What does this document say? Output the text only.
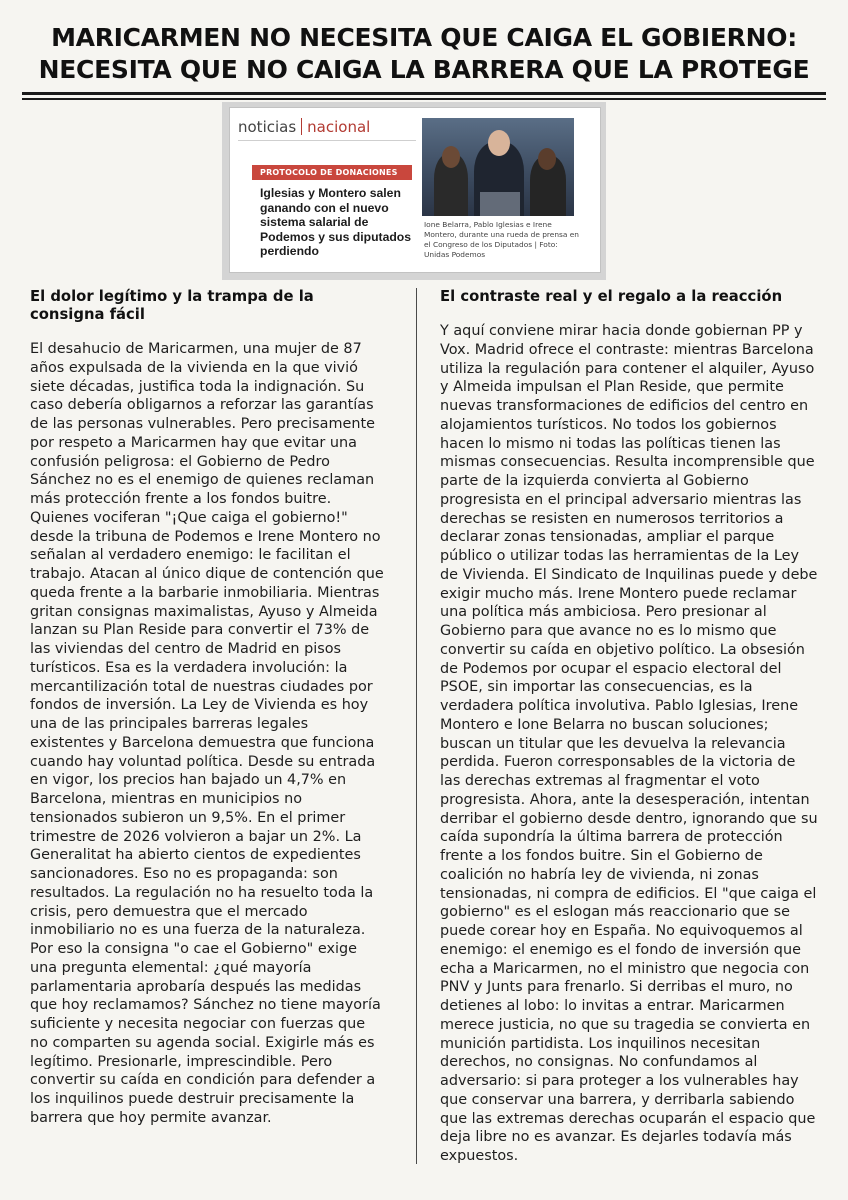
MARICARMEN NO NECESITA QUE CAIGA EL GOBIERNO:
NECESITA QUE NO CAIGA LA BARRERA QUE LA PROTEGE
noticias nacional
PROTOCOLO DE DONACIONES
Iglesias y Montero salen ganando con el nuevo sistema salarial de Podemos y sus diputados perdiendo
Ione Belarra, Pablo Iglesias e Irene Montero, durante una rueda de prensa en el Congreso de los Diputados | Foto: Unidas Podemos
El dolor legítimo y la trampa de la consigna fácil

El desahucio de Maricarmen, una mujer de 87 años expulsada de la vivienda en la que vivió siete décadas, justifica toda la indignación. Su caso debería obligarnos a reforzar las garantías de las personas vulnerables. Pero precisamente por respeto a Maricarmen hay que evitar una confusión peligrosa: el Gobierno de Pedro Sánchez no es el enemigo de quienes reclaman más protección frente a los fondos buitre. Quienes vociferan "¡Que caiga el gobierno!" desde la tribuna de Podemos e Irene Montero no señalan al verdadero enemigo: le facilitan el trabajo. Atacan al único dique de contención que queda frente a la barbarie inmobiliaria. Mientras gritan consignas maximalistas, Ayuso y Almeida lanzan su Plan Reside para convertir el 73% de las viviendas del centro de Madrid en pisos turísticos. Esa es la verdadera involución: la mercantilización total de nuestras ciudades por fondos de inversión. La Ley de Vivienda es hoy una de las principales barreras legales existentes y Barcelona demuestra que funciona cuando hay voluntad política. Desde su entrada en vigor, los precios han bajado un 4,7% en Barcelona, mientras en municipios no tensionados subieron un 9,5%. En el primer trimestre de 2026 volvieron a bajar un 2%. La Generalitat ha abierto cientos de expedientes sancionadores. Eso no es propaganda: son resultados. La regulación no ha resuelto toda la crisis, pero demuestra que el mercado inmobiliario no es una fuerza de la naturaleza. Por eso la consigna "o cae el Gobierno" exige una pregunta elemental: ¿qué mayoría parlamentaria aprobaría después las medidas que hoy reclamamos? Sánchez no tiene mayoría suficiente y necesita negociar con fuerzas que no comparten su agenda social. Exigirle más es legítimo. Presionarle, imprescindible. Pero convertir su caída en condición para defender a los inquilinos puede destruir precisamente la barrera que hoy permite avanzar.

El contraste real y el regalo a la reacción

Y aquí conviene mirar hacia donde gobiernan PP y Vox. Madrid ofrece el contraste: mientras Barcelona utiliza la regulación para contener el alquiler, Ayuso y Almeida impulsan el Plan Reside, que permite nuevas transformaciones de edificios del centro en alojamientos turísticos. No todos los gobiernos hacen lo mismo ni todas las políticas tienen las mismas consecuencias. Resulta incomprensible que parte de la izquierda convierta al Gobierno progresista en el principal adversario mientras las derechas se resisten en numerosos territorios a declarar zonas tensionadas, ampliar el parque público o utilizar todas las herramientas de la Ley de Vivienda. El Sindicato de Inquilinas puede y debe exigir mucho más. Irene Montero puede reclamar una política más ambiciosa. Pero presionar al Gobierno para que avance no es lo mismo que convertir su caída en objetivo político. La obsesión de Podemos por ocupar el espacio electoral del PSOE, sin importar las consecuencias, es la verdadera política involutiva. Pablo Iglesias, Irene Montero e Ione Belarra no buscan soluciones; buscan un titular que les devuelva la relevancia perdida. Fueron corresponsables de la victoria de las derechas extremas al fragmentar el voto progresista. Ahora, ante la desesperación, intentan derribar el gobierno desde dentro, ignorando que su caída supondría la última barrera de protección frente a los fondos buitre. Sin el Gobierno de coalición no habría ley de vivienda, ni zonas tensionadas, ni compra de edificios. El "que caiga el gobierno" es el eslogan más reaccionario que se puede corear hoy en España. No equivoquemos al enemigo: el enemigo es el fondo de inversión que echa a Maricarmen, no el ministro que negocia con PNV y Junts para frenarlo. Si derribas el muro, no detienes al lobo: lo invitas a entrar. Maricarmen merece justicia, no que su tragedia se convierta en munición partidista. Los inquilinos necesitan derechos, no consignas. No confundamos al adversario: si para proteger a los vulnerables hay que conservar una barrera, y derribarla sabiendo que las extremas derechas ocuparán el espacio que deja libre no es avanzar. Es dejarles todavía más expuestos.
